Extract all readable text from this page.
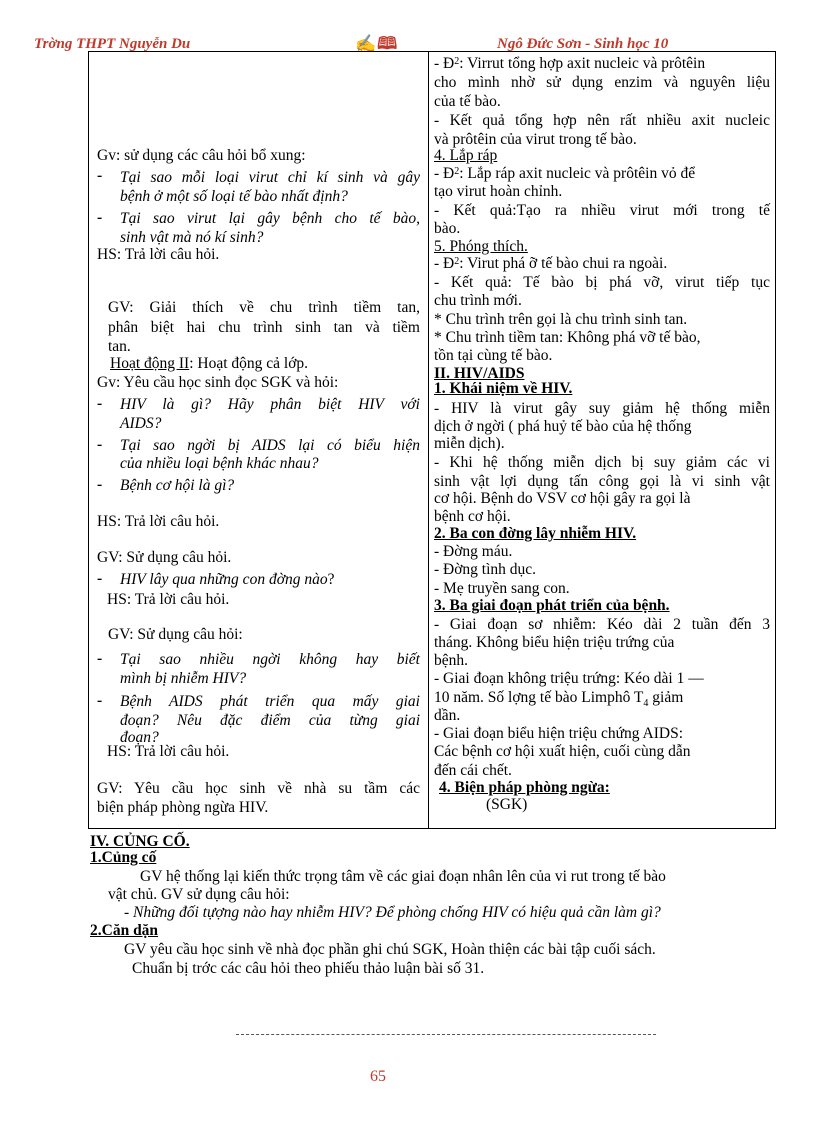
Trờng THPT Nguyễn Du	✍🕮	Ngô Đức Sơn - Sinh học 10
Gv: sử dụng các câu hỏi bổ xung:
- Tại sao mỗi loại virut chỉ kí sinh và gây
bệnh ở một số loại tế bào nhất định?
- Tại sao virut lại gây bệnh cho tế bào,
sinh vật mà nó kí sinh?
HS: Trả lời câu hỏi.
GV: Giải thích về chu trình tiềm tan,
phân biệt hai chu trình sinh tan và tiềm
tan.
Hoạt động II: Hoạt động cả lớp.
Gv: Yêu cầu học sinh đọc SGK và hỏi:
- HIV là gì? Hãy phân biệt HIV với
AIDS?
- Tại sao ngời bị AIDS lại có biểu hiện
của nhiều loại bệnh khác nhau?
- Bệnh cơ hội là gì?
HS: Trả lời câu hỏi.
GV: Sử dụng câu hỏi.
- HIV lây qua những con đờng nào?
HS: Trả lời câu hỏi.
GV: Sử dụng câu hỏi:
- Tại sao nhiều ngời không hay biết
mình bị nhiễm HIV?
- Bệnh AIDS phát triển qua mấy giai
đoạn? Nêu đặc điểm của từng giai
đoạn?
HS: Trả lời câu hỏi.
GV: Yêu cầu học sinh về nhà su tầm các
biện pháp phòng ngừa HIV.
- $Đ^2$: Virrut tổng hợp axit nucleic và prôtêin
cho mình nhờ sử dụng enzim và nguyên liệu
của tế bào.
- Kết quả tổng hợp nên rất nhiều axit nucleic
và prôtêin của virut trong tế bào.
4. Lắp ráp
- $Đ^2$: Lắp ráp axit nucleic và prôtêin vỏ để
tạo virut hoàn chỉnh.
- Kết quả:Tạo ra nhiều virut mới trong tế
bào.
5. Phóng thích.
- $Đ^2$: Virut phá ỡ tế bào chui ra ngoài.
- Kết quả: Tế bào bị phá vỡ, virut tiếp tục
chu trình mới.
* Chu trình trên gọi là chu trình sinh tan.
* Chu trình tiềm tan: Không phá vỡ tế bào,
tồn tại cùng tế bào.
II. HIV/AIDS
1. Khái niệm về HIV.
- HIV là virut gây suy giảm hệ thống miễn
dịch ở ngời ( phá huỷ tế bào của hệ thống
miễn dịch).
- Khi hệ thống miễn dịch bị suy giảm các vi
sinh vật lợi dụng tấn công gọi là vi sinh vật
cơ hội. Bệnh do VSV cơ hội gây ra gọi là
bệnh cơ hội.
2. Ba con đờng lây nhiễm HIV.
- Đờng máu.
- Đờng tình dục.
- Mẹ truyền sang con.
3. Ba giai đoạn phát triển của bệnh.
- Giai đoạn sơ nhiễm: Kéo dài 2 tuần đến 3
tháng. Không biểu hiện triệu trứng của
bệnh.
- Giai đoạn không triệu trứng: Kéo dài 1 —
10 năm. Số lợng tế bào Limphô $T_4$ giảm
dần.
- Giai đoạn biểu hiện triệu chứng AIDS:
Các bệnh cơ hội xuất hiện, cuối cùng dẫn
đến cái chết.
4. Biện pháp phòng ngừa:
(SGK)
IV. CỦNG CỐ.
1.Củng cố
GV hệ thống lại kiến thức trọng tâm về các giai đoạn nhân lên của vi rut trong tế bào
vật chủ. GV sử dụng câu hỏi:
- Những đối tựợng nào hay nhiễm HIV? Để phòng chống HIV có hiệu quả cần làm gì?
2.Căn dặn
GV yêu cầu học sinh về nhà đọc phần ghi chú SGK, Hoàn thiện các bài tập cuối sách.
Chuẩn bị trớc các câu hỏi theo phiếu thảo luận bài số 31.
65
